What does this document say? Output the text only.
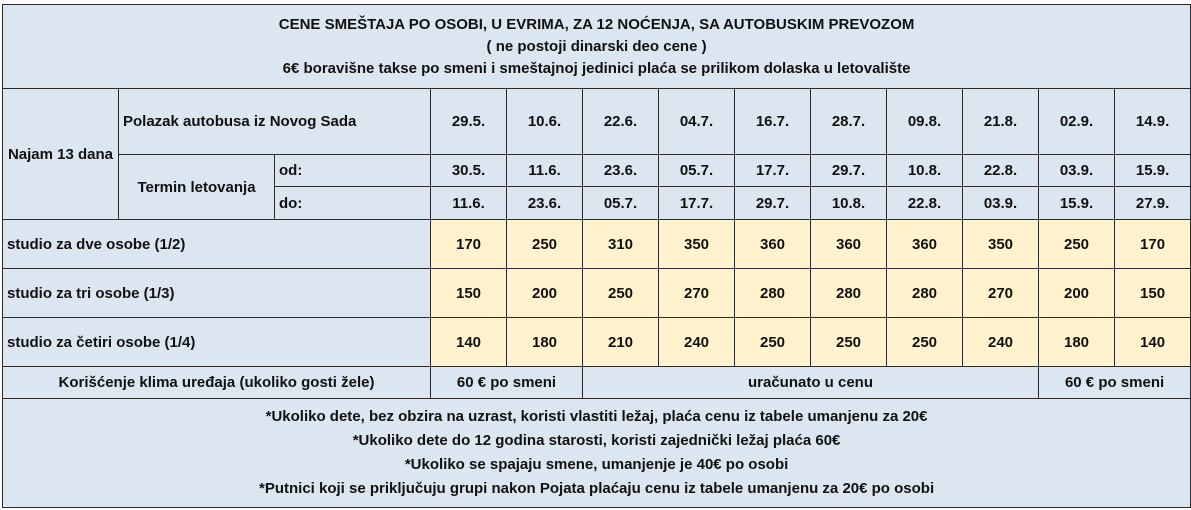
CENE SMEŠTAJA PO OSOBI, U EVRIMA, ZA 12 NOĆENJA, SA AUTOBUSKIM PREVOZOM
( ne postoji dinarski deo cene )
6€ boravišne takse po smeni i smeštajnoj jedinici plaća se prilikom dolaska u letovalište												

Najam 13 dana	Polazak autobusa iz Novog Sada		29.5.	10.6.	22.6.	04.7.	16.7.	28.7.	09.8.	21.8.	02.9.	14.9.
	Termin letovanja	od:	30.5.	11.6.	23.6.	05.7.	17.7.	29.7.	10.8.	22.8.	03.9.	15.9.
		do:	11.6.	23.6.	05.7.	17.7.	29.7.	10.8.	22.8.	03.9.	15.9.	27.9.
studio za dve osobe (1/2)			170	250	310	350	360	360	360	350	250	170
studio za tri osobe (1/3)			150	200	250	270	280	280	280	270	200	150
studio za četiri osobe (1/4)			140	180	210	240	250	250	250	240	180	140
Korišćenje klima uređaja (ukoliko gosti žele)			60 € po smeni		uračunato u cenu						60 € po smeni	

*Ukoliko dete, bez obzira na uzrast, koristi vlastiti ležaj, plaća cenu iz tabele umanjenu za 20€
*Ukoliko dete do 12 godina starosti, koristi zajednički ležaj plaća 60€
*Ukoliko se spajaju smene, umanjenje je 40€ po osobi
*Putnici koji se priključuju grupi nakon Pojata plaćaju cenu iz tabele umanjenu za 20€ po osobi												
